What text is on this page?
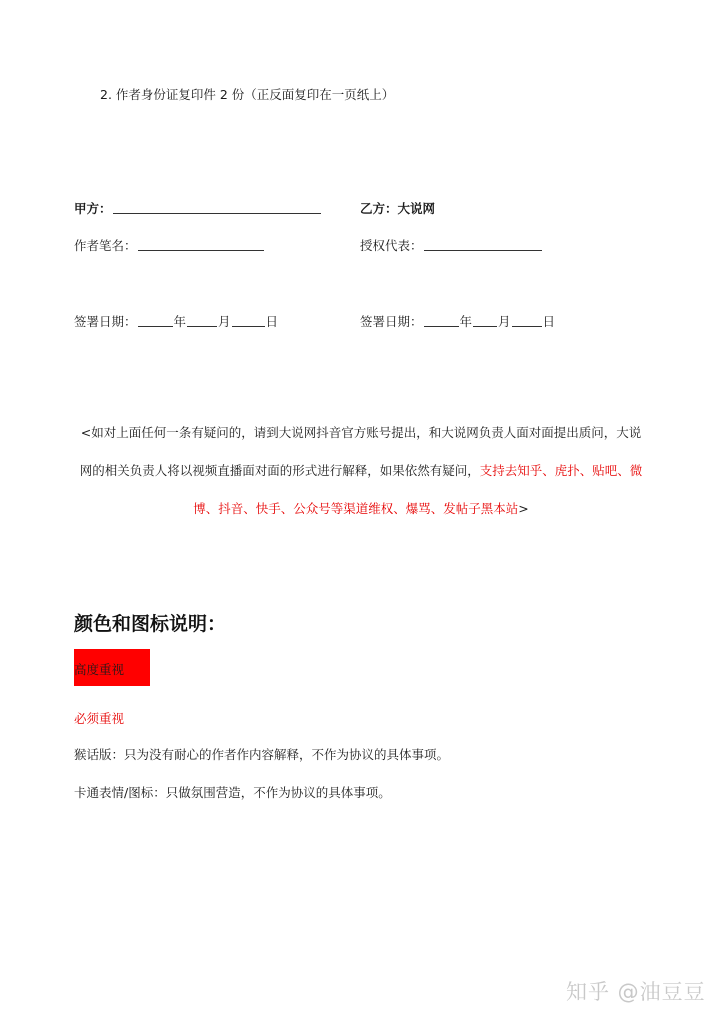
2. 作者身份证复印件 2 份（正反面复印在一页纸上）
甲方：	乙方：大说网
作者笔名：	授权代表：
签署日期：	年	月	日	签署日期：	年 月	日
<如对上面任何一条有疑问的，请到大说网抖音官方账号提出，和大说网负责人面对面提出质问，大说
网的相关负责人将以视频直播面对面的形式进行解释，如果依然有疑问，支持去知乎、虎扑、贴吧、微
博、抖音、快手、公众号等渠道维权、爆骂、发帖子黑本站>
颜色和图标说明：
高度重视
必须重视
猴话版：只为没有耐心的作者作内容解释，不作为协议的具体事项。
卡通表情/图标：只做氛围营造，不作为协议的具体事项。
知乎 @油豆豆
